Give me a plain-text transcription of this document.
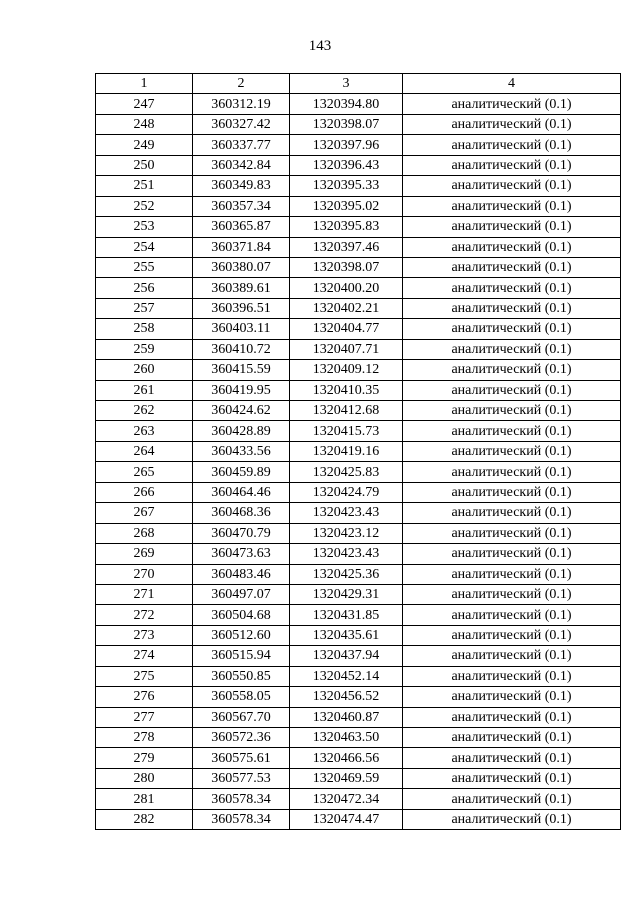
143
1	2	3	4
247	360312.19	1320394.80	аналитический (0.1)
248	360327.42	1320398.07	аналитический (0.1)
249	360337.77	1320397.96	аналитический (0.1)
250	360342.84	1320396.43	аналитический (0.1)
251	360349.83	1320395.33	аналитический (0.1)
252	360357.34	1320395.02	аналитический (0.1)
253	360365.87	1320395.83	аналитический (0.1)
254	360371.84	1320397.46	аналитический (0.1)
255	360380.07	1320398.07	аналитический (0.1)
256	360389.61	1320400.20	аналитический (0.1)
257	360396.51	1320402.21	аналитический (0.1)
258	360403.11	1320404.77	аналитический (0.1)
259	360410.72	1320407.71	аналитический (0.1)
260	360415.59	1320409.12	аналитический (0.1)
261	360419.95	1320410.35	аналитический (0.1)
262	360424.62	1320412.68	аналитический (0.1)
263	360428.89	1320415.73	аналитический (0.1)
264	360433.56	1320419.16	аналитический (0.1)
265	360459.89	1320425.83	аналитический (0.1)
266	360464.46	1320424.79	аналитический (0.1)
267	360468.36	1320423.43	аналитический (0.1)
268	360470.79	1320423.12	аналитический (0.1)
269	360473.63	1320423.43	аналитический (0.1)
270	360483.46	1320425.36	аналитический (0.1)
271	360497.07	1320429.31	аналитический (0.1)
272	360504.68	1320431.85	аналитический (0.1)
273	360512.60	1320435.61	аналитический (0.1)
274	360515.94	1320437.94	аналитический (0.1)
275	360550.85	1320452.14	аналитический (0.1)
276	360558.05	1320456.52	аналитический (0.1)
277	360567.70	1320460.87	аналитический (0.1)
278	360572.36	1320463.50	аналитический (0.1)
279	360575.61	1320466.56	аналитический (0.1)
280	360577.53	1320469.59	аналитический (0.1)
281	360578.34	1320472.34	аналитический (0.1)
282	360578.34	1320474.47	аналитический (0.1)
